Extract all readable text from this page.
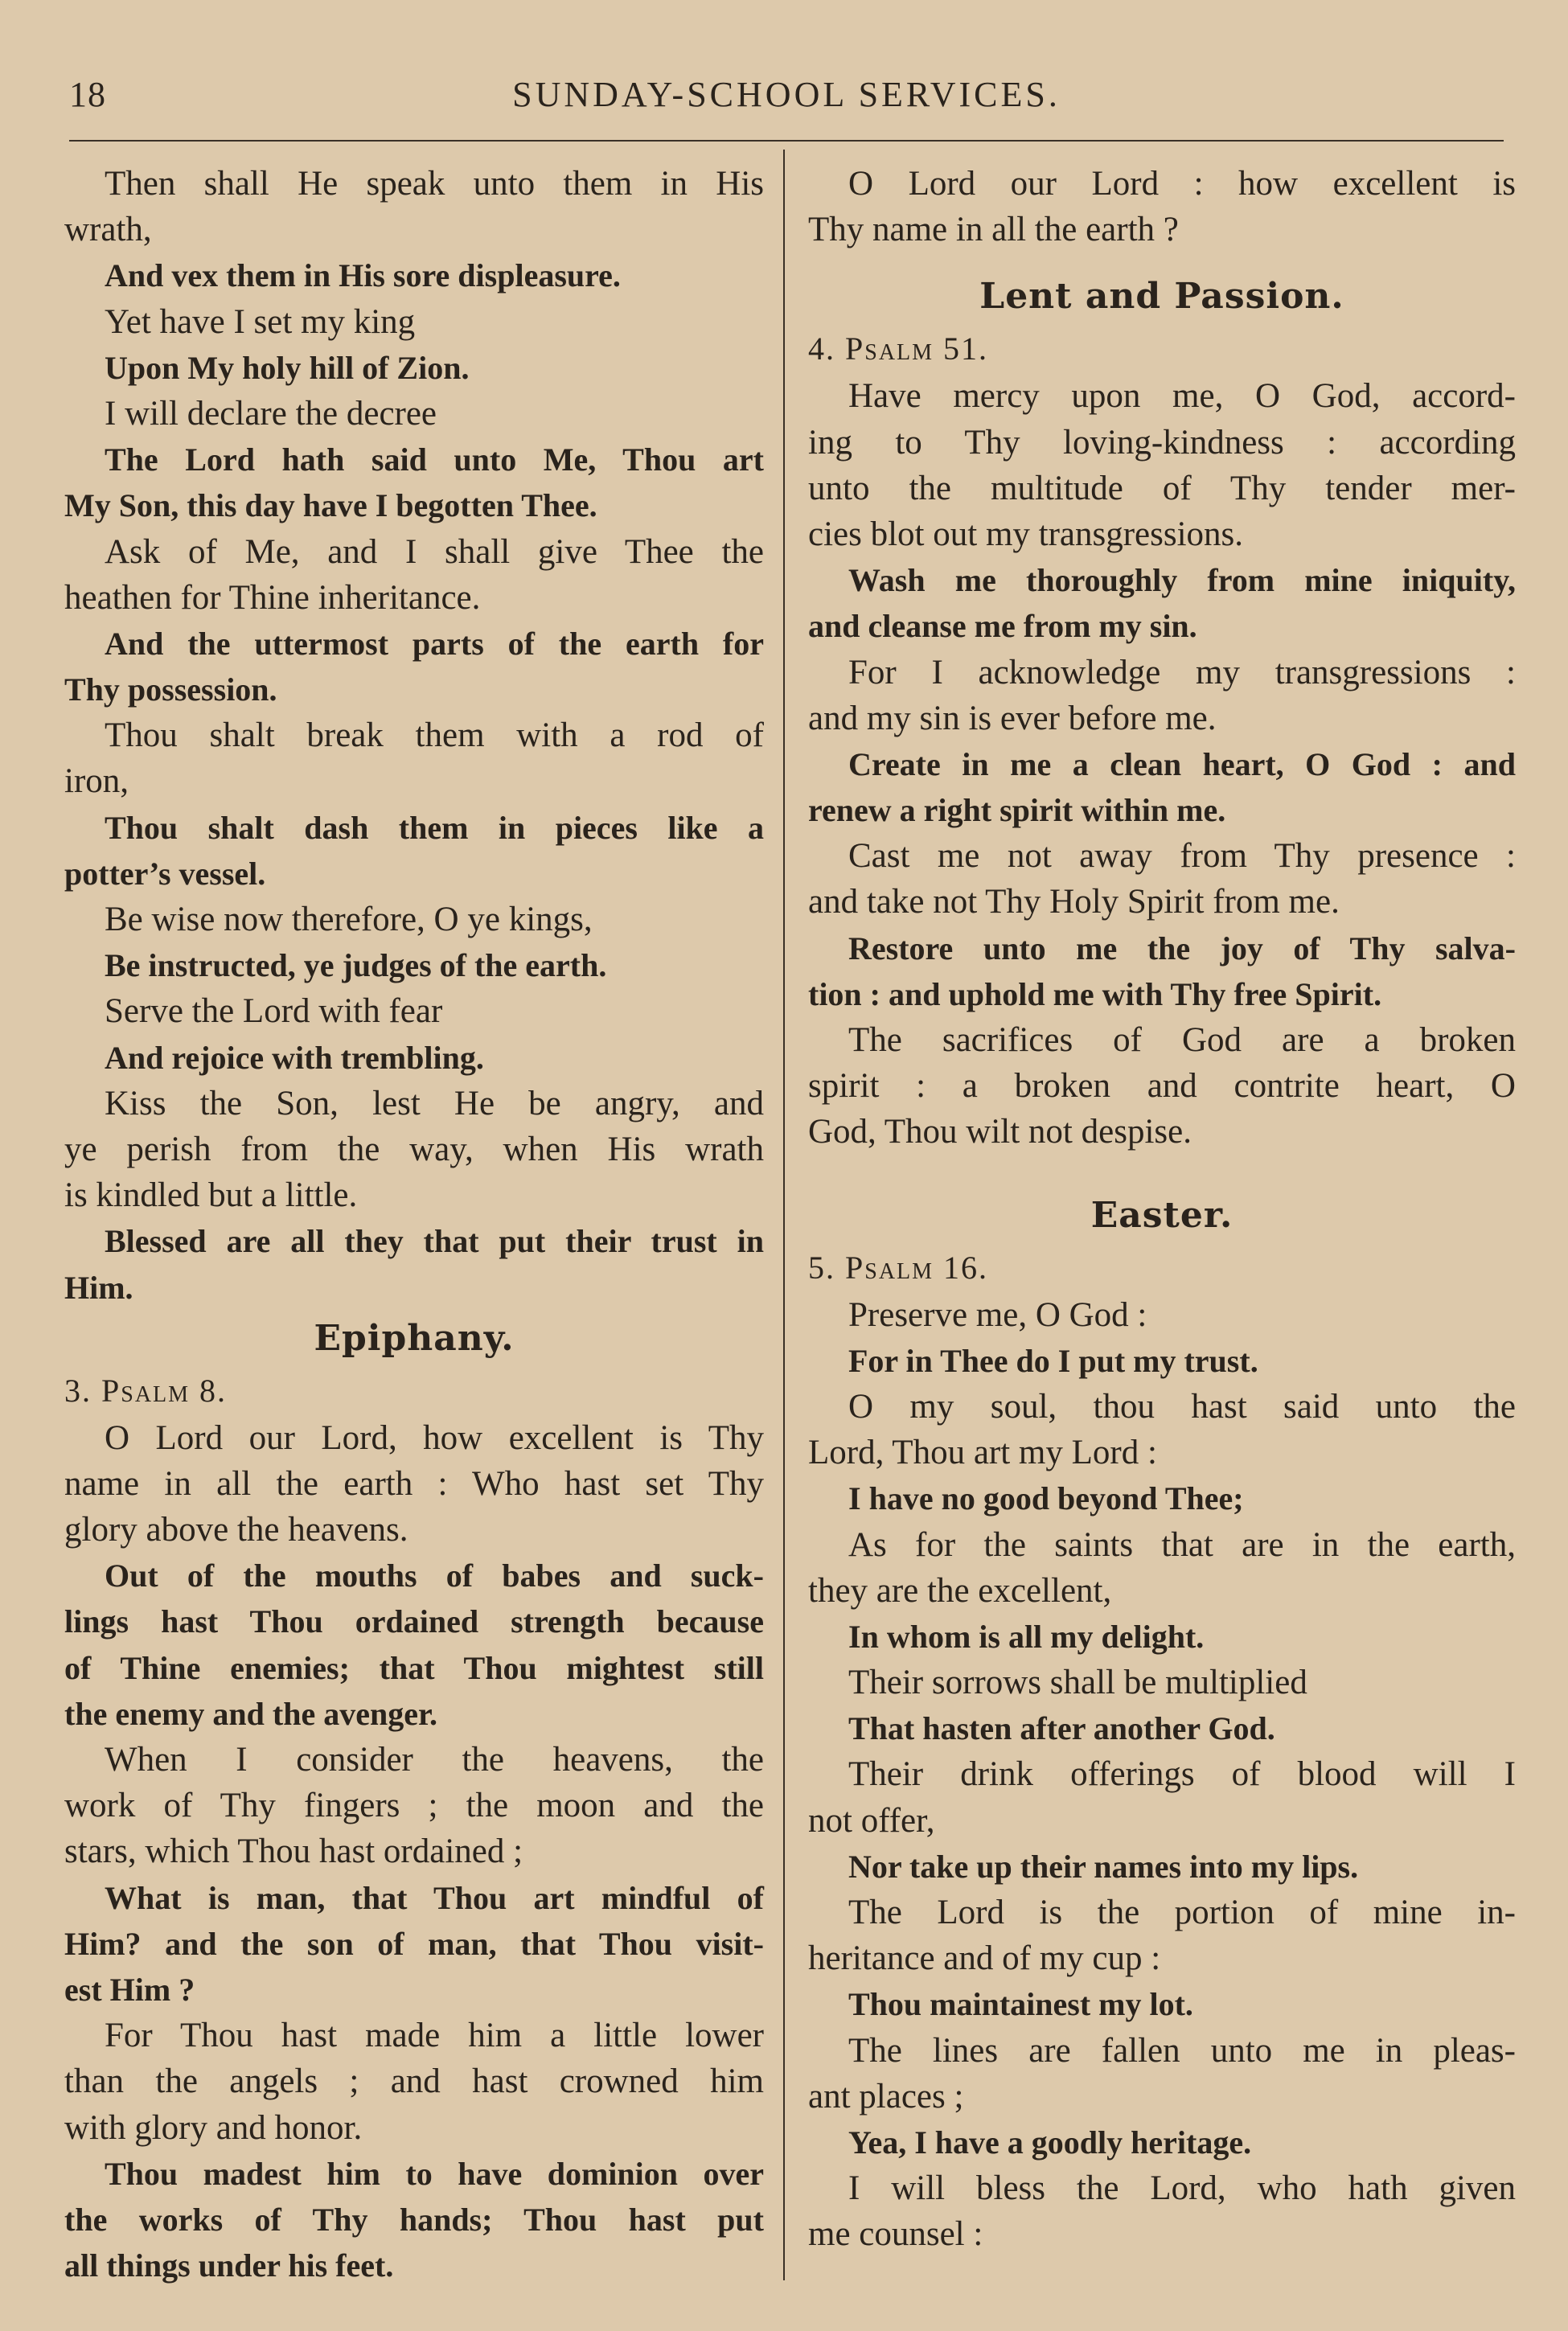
18	SUNDAY-SCHOOL SERVICES.
Then shall He speak unto them in His
wrath,
And vex them in His sore displeasure.
Yet have I set my king
Upon My holy hill of Zion.
I will declare the decree
The Lord hath said unto Me, Thou art
My Son, this day have I begotten Thee.
Ask of Me, and I shall give Thee the
heathen for Thine inheritance.
And the uttermost parts of the earth for
Thy possession.
Thou shalt break them with a rod of
iron,
Thou shalt dash them in pieces like a
potter’s vessel.
Be wise now therefore, O ye kings,
Be instructed, ye judges of the earth.
Serve the Lord with fear
And rejoice with trembling.
Kiss the Son, lest He be angry, and
ye perish from the way, when His wrath
is kindled but a little.
Blessed are all they that put their trust in
Him.
Epiphany.
3. Psalm 8.
O Lord our Lord, how excellent is Thy
name in all the earth : Who hast set Thy
glory above the heavens.
Out of the mouths of babes and suck-
lings hast Thou ordained strength because
of Thine enemies; that Thou mightest still
the enemy and the avenger.
When I consider the heavens, the
work of Thy fingers ; the moon and the
stars, which Thou hast ordained ;
What is man, that Thou art mindful of
Him? and the son of man, that Thou visit-
est Him ?
For Thou hast made him a little lower
than the angels ; and hast crowned him
with glory and honor.
Thou madest him to have dominion over
the works of Thy hands; Thou hast put
all things under his feet.
O Lord our Lord : how excellent is
Thy name in all the earth ?
Lent and Passion.
4. Psalm 51.
Have mercy upon me, O God, accord-
ing to Thy loving-kindness : according
unto the multitude of Thy tender mer-
cies blot out my transgressions.
Wash me thoroughly from mine iniquity,
and cleanse me from my sin.
For I acknowledge my transgressions :
and my sin is ever before me.
Create in me a clean heart, O God : and
renew a right spirit within me.
Cast me not away from Thy presence :
and take not Thy Holy Spirit from me.
Restore unto me the joy of Thy salva-
tion : and uphold me with Thy free Spirit.
The sacrifices of God are a broken
spirit : a broken and contrite heart, O
God, Thou wilt not despise.
Easter.
5. Psalm 16.
Preserve me, O God :
For in Thee do I put my trust.
O my soul, thou hast said unto the
Lord, Thou art my Lord :
I have no good beyond Thee;
As for the saints that are in the earth,
they are the excellent,
In whom is all my delight.
Their sorrows shall be multiplied
That hasten after another God.
Their drink offerings of blood will I
not offer,
Nor take up their names into my lips.
The Lord is the portion of mine in-
heritance and of my cup :
Thou maintainest my lot.
The lines are fallen unto me in pleas-
ant places ;
Yea, I have a goodly heritage.
I will bless the Lord, who hath given
me counsel :
